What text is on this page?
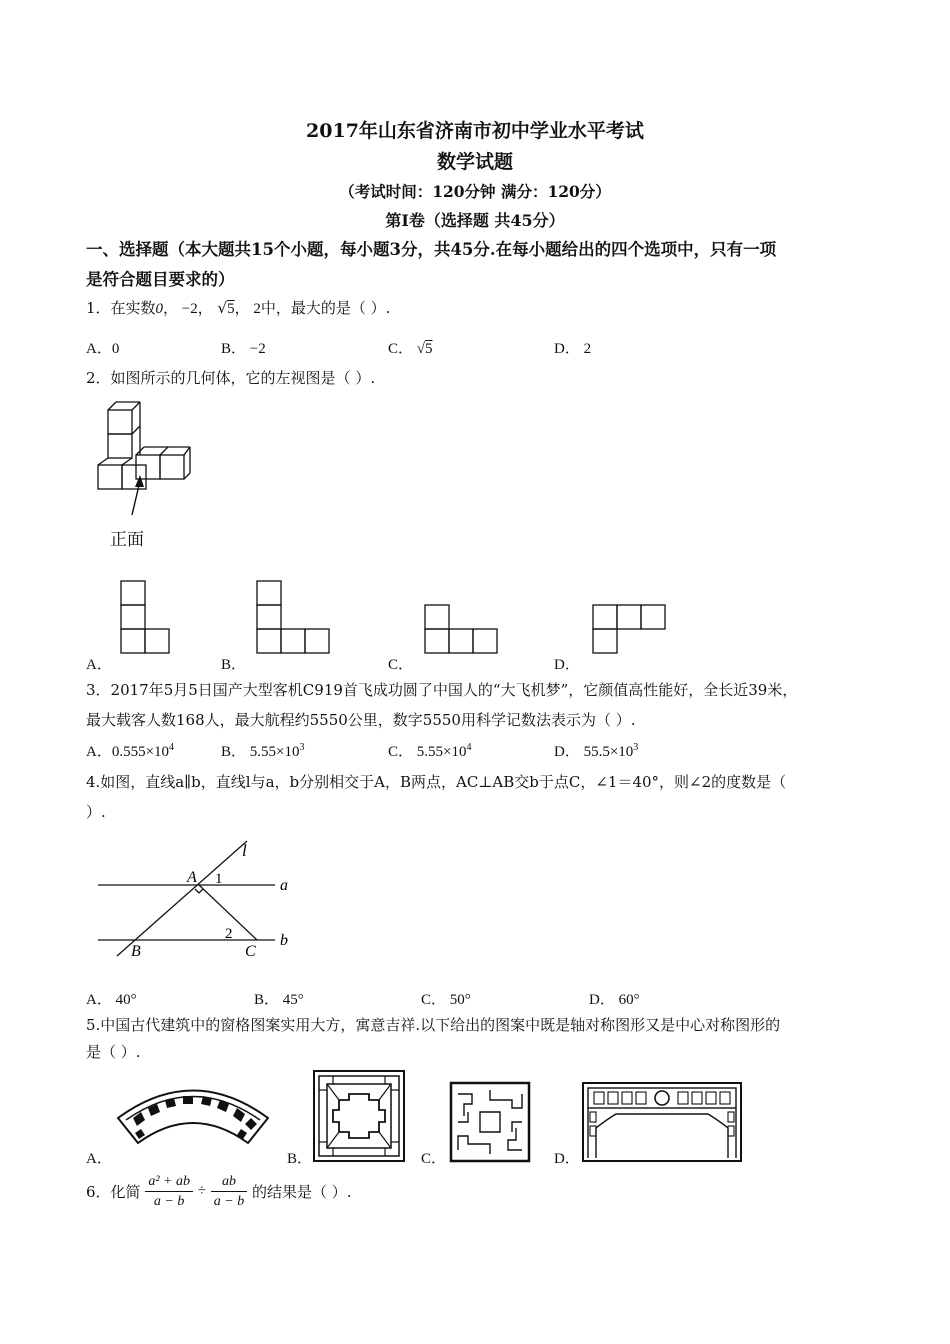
2017年山东省济南市初中学业水平考试
数学试题
（考试时间：120分钟 满分：120分）
第Ⅰ卷（选择题 共45分）
一、选择题（本大题共15个小题，每小题3分，共45分.在每小题给出的四个选项中，只有一项
是符合题目要求的）
1．在实数0， −2， √5， 2中，最大的是（ ）.
A．0	B． −2	C． √5	D． 2
2．如图所示的几何体，它的左视图是（ ）.
正面
A．	B．	C．	D．
3．2017年5月5日国产大型客机C919首飞成功圆了中国人的“大飞机梦”，它颜值高性能好，全长近39米，
最大载客人数168人，最大航程约5550公里，数字5550用科学记数法表示为（ ）.
A．$0.555\times 10^4$	B． $5.55\times 10^3$	C． $5.55\times 10^4$	D． $55.5\times 10^3$
4.如图，直线a∥b，直线l与a，b分别相交于A，B两点，AC⊥AB交b于点C，∠1＝40°，则∠2的度数是（
）.
l
a
b
A
B	C
1
2
A． 40°	B． 45°	C． 50°	D． 60°
5.中国古代建筑中的窗格图案实用大方，寓意吉祥.以下给出的图案中既是轴对称图形又是中心对称图形的
是（ ）.
A．	B．	C．	D．
6．化简 $\frac{\text{a² + ab}}{a - b} \div \frac{ab}{a - b}$ 的结果是（ ）.
